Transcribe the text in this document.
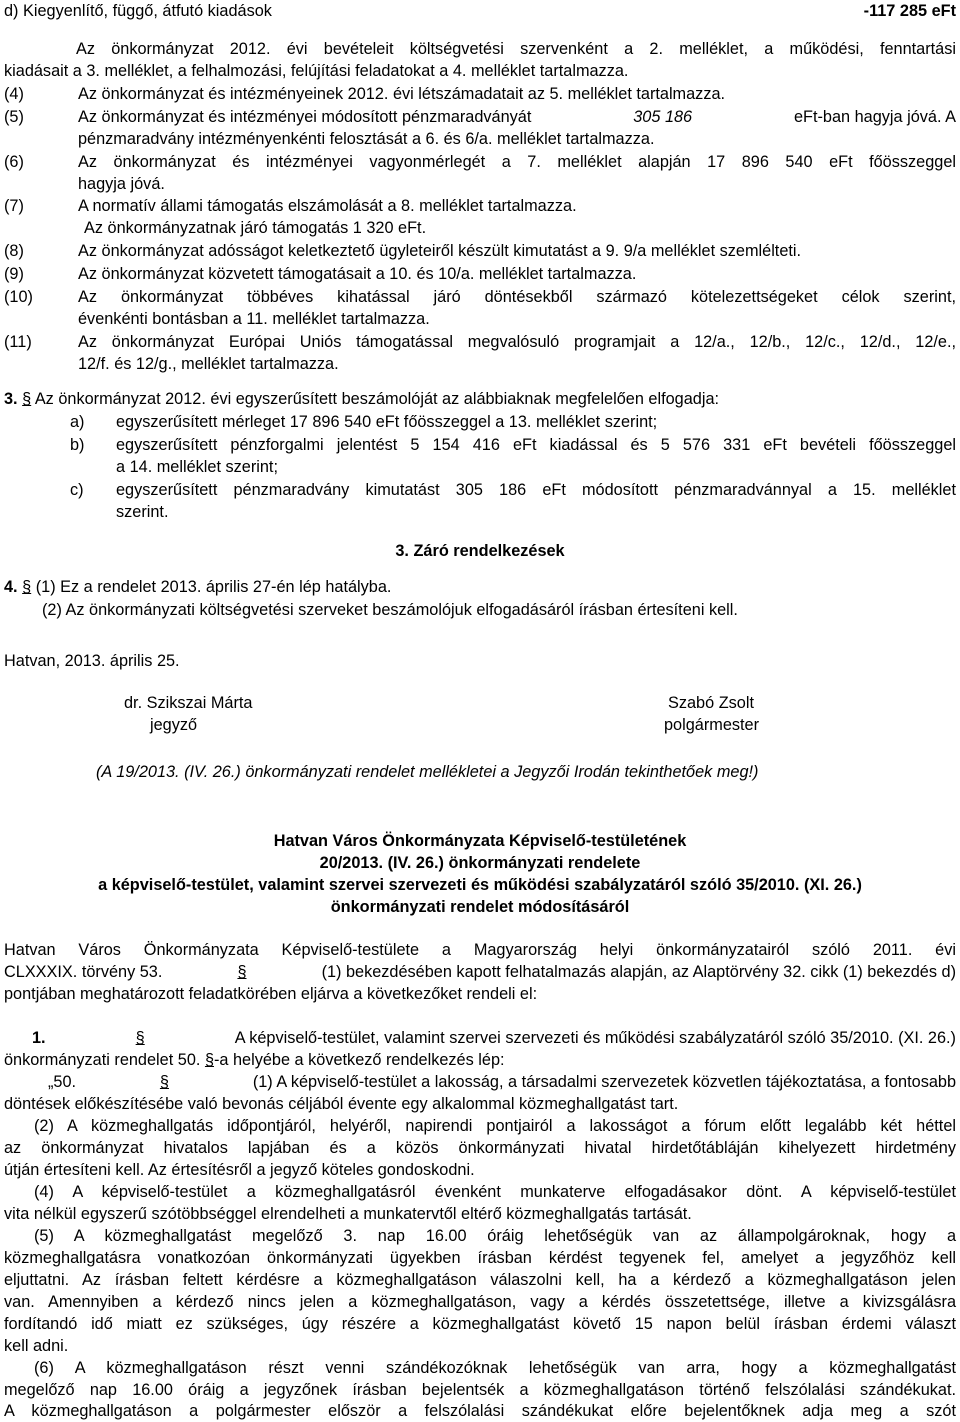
d) Kiegyenlítő, függő, átfutó kiadások	-117 285 eFt
Az önkormányzat 2012. évi bevételeit költségvetési szervenként a 2. melléklet, a működési, fenntartási
kiadásait a 3. melléklet, a felhalmozási, felújítási feladatokat a 4. melléklet tartalmazza.
(4)	Az önkormányzat és intézményeinek 2012. évi létszámadatait az 5. melléklet tartalmazza.
(5)	Az önkormányzat és intézményei módosított pénzmaradványát	305 186	eFt-ban hagyja jóvá. A
pénzmaradvány intézményenkénti felosztását a 6. és 6/a. melléklet tartalmazza.
(6)	Az önkormányzat és intézményei vagyonmérlegét a 7. melléklet alapján 17 896 540 eFt főösszeggel
hagyja jóvá.
(7)	A normatív állami támogatás elszámolását a 8. melléklet tartalmazza.
Az önkormányzatnak járó támogatás 1 320 eFt.
(8)	Az önkormányzat adósságot keletkeztető ügyleteiről készült kimutatást a 9. 9/a melléklet szemlélteti.
(9)	Az önkormányzat közvetett támogatásait a 10. és 10/a. melléklet tartalmazza.
(10)	Az önkormányzat többéves kihatással járó döntésekből származó kötelezettségeket célok szerint,
évenkénti bontásban a 11. melléklet tartalmazza.
(11)	Az önkormányzat Európai Uniós támogatással megvalósuló programjait a 12/a., 12/b., 12/c., 12/d., 12/e.,
12/f. és 12/g., melléklet tartalmazza.
3. § Az önkormányzat 2012. évi egyszerűsített beszámolóját az alábbiaknak megfelelően elfogadja:
a) egyszerűsített mérleget 17 896 540 eFt főösszeggel a 13. melléklet szerint;
b) egyszerűsített pénzforgalmi jelentést 5 154 416 eFt kiadással és 5 576 331 eFt bevételi főösszeggel
a 14. melléklet szerint;
c) egyszerűsített pénzmaradvány kimutatást 305 186 eFt módosított pénzmaradvánnyal a 15. melléklet
szerint.
3. Záró rendelkezések
4. § (1) Ez a rendelet 2013. április 27-én lép hatályba.
(2) Az önkormányzati költségvetési szerveket beszámolójuk elfogadásáról írásban értesíteni kell.
Hatvan, 2013. április 25.
dr. Szikszai Márta
jegyző
Szabó Zsolt
polgármester
(A 19/2013. (IV. 26.) önkormányzati rendelet mellékletei a Jegyzői Irodán tekinthetőek meg!)
Hatvan Város Önkormányzata Képviselő-testületének
20/2013. (IV. 26.) önkormányzati rendelete
a képviselő-testület, valamint szervei szervezeti és működési szabályzatáról szóló 35/2010. (XI. 26.)
önkormányzati rendelet módosításáról
Hatvan Város Önkormányzata Képviselő-testülete a Magyarország helyi önkormányzatairól szóló 2011. évi
CLXXXIX. törvény 53.	§	(1) bekezdésében kapott felhatalmazás alapján, az Alaptörvény 32. cikk (1) bekezdés d)
pontjában meghatározott feladatkörében eljárva a következőket rendeli el:
1.	§	A képviselő-testület, valamint szervei szervezeti és működési szabályzatáról szóló 35/2010. (XI. 26.)
önkormányzati rendelet 50. §-a helyébe a következő rendelkezés lép:
„50.	§	(1) A képviselő-testület a lakosság, a társadalmi szervezetek közvetlen tájékoztatása, a fontosabb
döntések előkészítésébe való bevonás céljából évente egy alkalommal közmeghallgatást tart.
(2) A közmeghallgatás időpontjáról, helyéről, napirendi pontjairól a lakosságot a fórum előtt legalább két héttel
az önkormányzat hivatalos lapjában és a közös önkormányzati hivatal hirdetőtábláján kihelyezett hirdetmény
útján értesíteni kell. Az értesítésről a jegyző köteles gondoskodni.
(4) A képviselő-testület a közmeghallgatásról évenként munkaterve elfogadásakor dönt. A képviselő-testület
vita nélkül egyszerű szótöbbséggel elrendelheti a munkatervtől eltérő közmeghallgatás tartását.
(5) A közmeghallgatást megelőző 3. nap 16.00 óráig lehetőségük van az állampolgároknak, hogy a
közmeghallgatásra vonatkozóan önkormányzati ügyekben írásban kérdést tegyenek fel, amelyet a jegyzőhöz kell
eljuttatni. Az írásban feltett kérdésre a közmeghallgatáson válaszolni kell, ha a kérdező a közmeghallgatáson jelen
van. Amennyiben a kérdező nincs jelen a közmeghallgatáson, vagy a kérdés összetettsége, illetve a kivizsgálásra
fordítandó idő miatt ez szükséges, úgy részére a közmeghallgatást követő 15 napon belül írásban érdemi választ
kell adni.
(6) A közmeghallgatáson részt venni szándékozóknak lehetőségük van arra, hogy a közmeghallgatást
megelőző nap 16.00 óráig a jegyzőnek írásban bejelentsék a közmeghallgatáson történő felszólalási szándékukat.
A közmeghallgatáson a polgármester először a felszólalási szándékukat előre bejelentőknek adja meg a szót
